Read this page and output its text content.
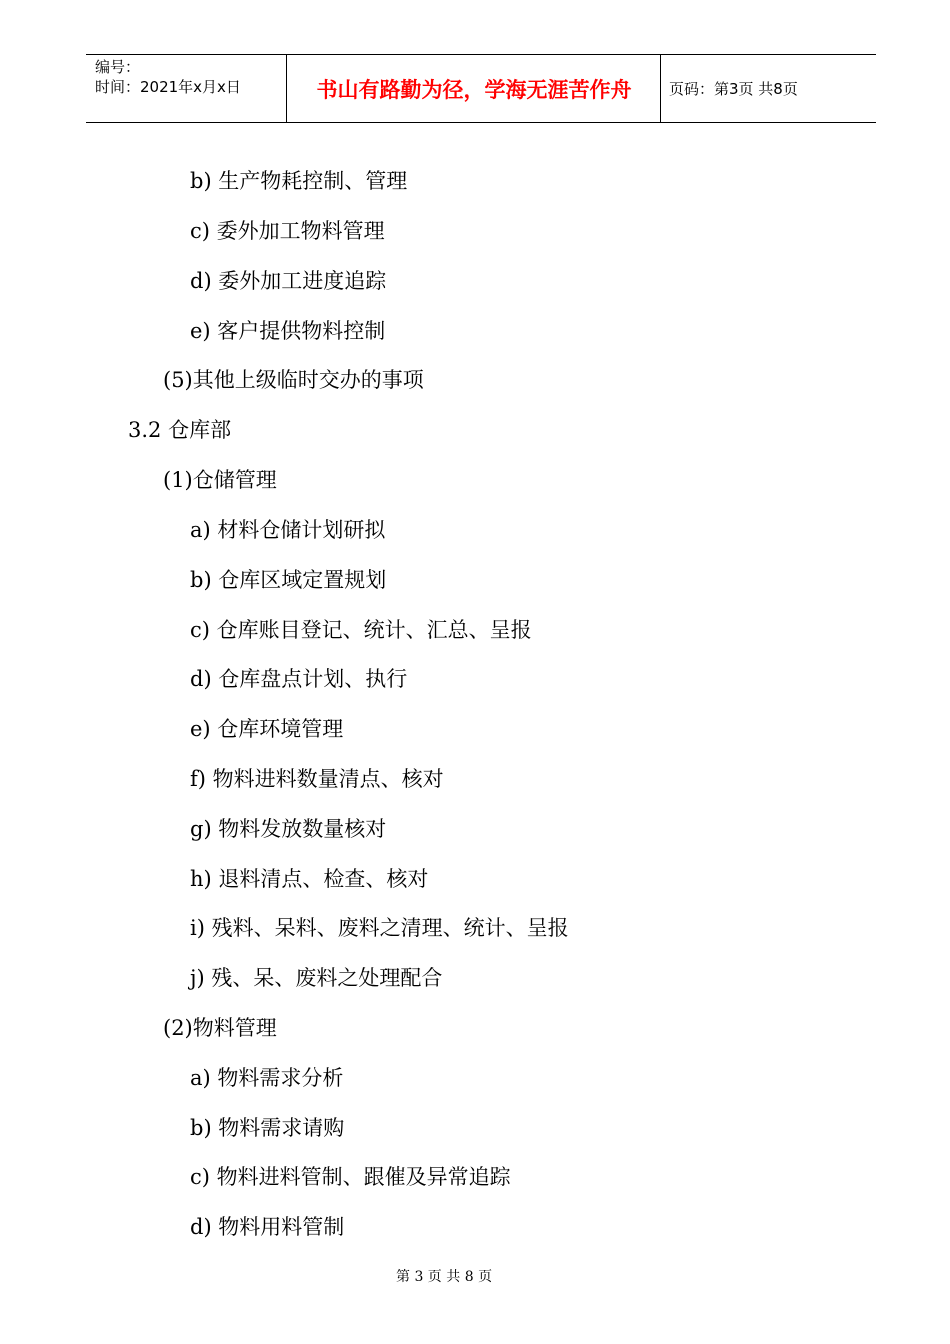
编号：
时间：2021年x月x日	书山有路勤为径，学海无涯苦作舟	页码：第3页 共8页
b) 生产物耗控制、管理
c) 委外加工物料管理
d) 委外加工进度追踪
e) 客户提供物料控制
(5)其他上级临时交办的事项
3.2 仓库部
(1)仓储管理
a) 材料仓储计划研拟
b) 仓库区域定置规划
c) 仓库账目登记、统计、汇总、呈报
d) 仓库盘点计划、执行
e) 仓库环境管理
f) 物料进料数量清点、核对
g) 物料发放数量核对
h) 退料清点、检查、核对
i) 残料、呆料、废料之清理、统计、呈报
j) 残、呆、废料之处理配合
(2)物料管理
a) 物料需求分析
b) 物料需求请购
c) 物料进料管制、跟催及异常追踪
d) 物料用料管制
第 3 页 共 8 页
